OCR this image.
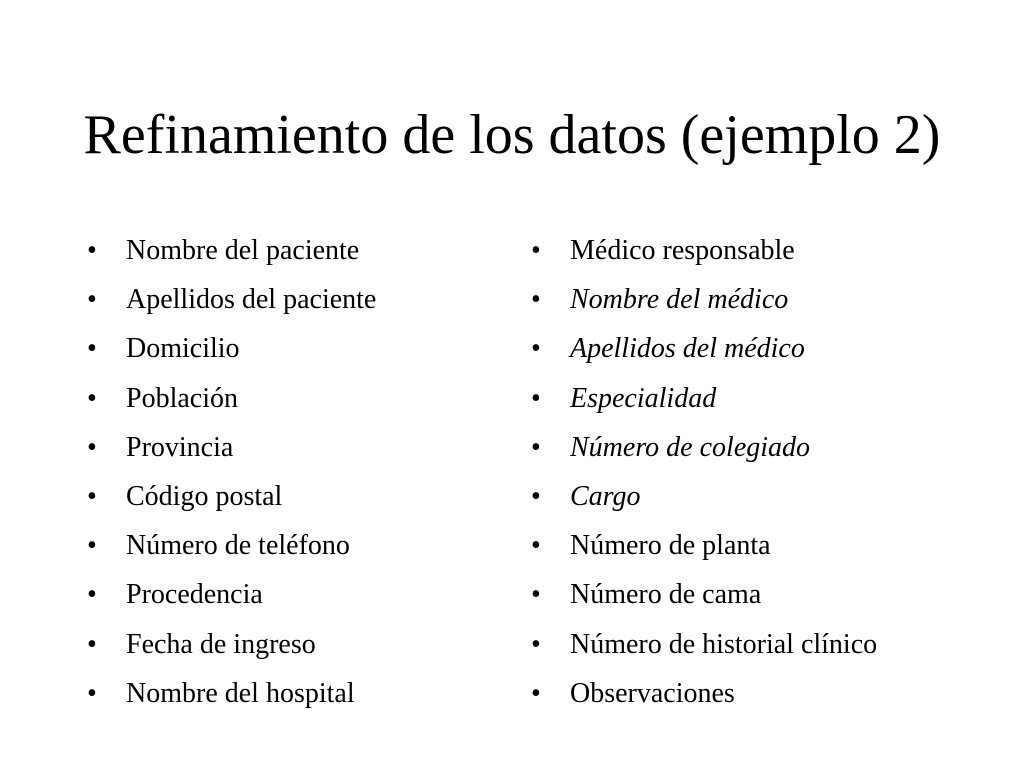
Refinamiento de los datos (ejemplo 2)
• Nombre del paciente
• Apellidos del paciente
• Domicilio
• Población
• Provincia
• Código postal
• Número de teléfono
• Procedencia
• Fecha de ingreso
• Nombre del hospital
• Médico responsable
• Nombre del médico
• Apellidos del médico
• Especialidad
• Número de colegiado
• Cargo
• Número de planta
• Número de cama
• Número de historial clínico
• Observaciones
